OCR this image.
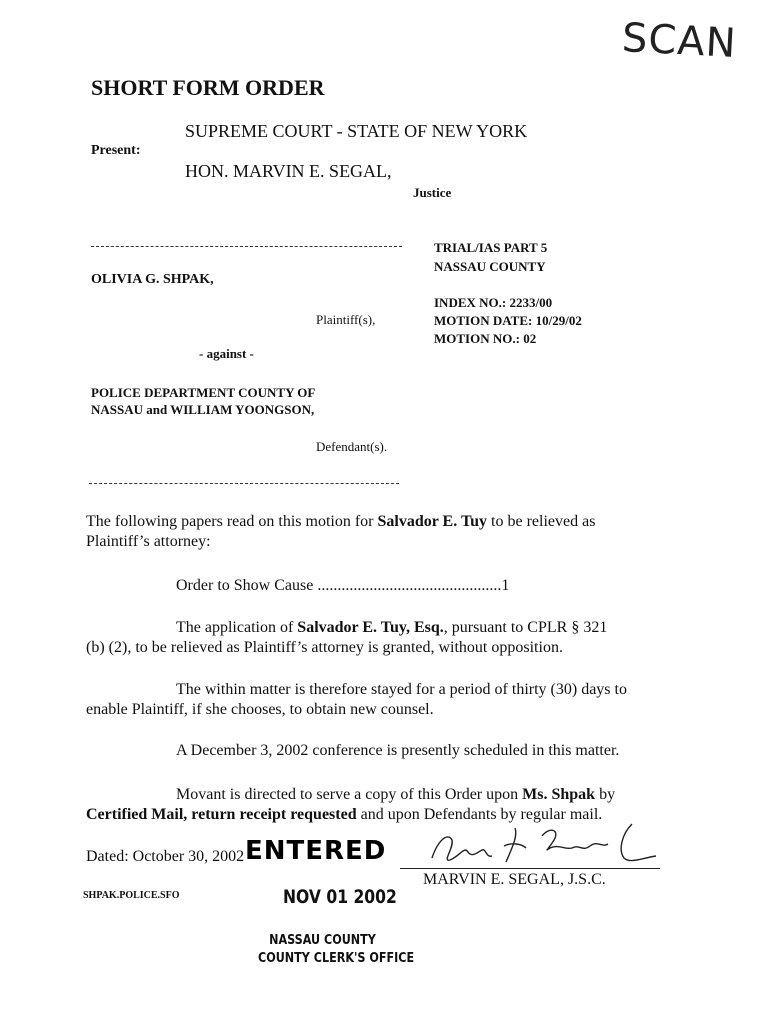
SCAN
SHORT FORM ORDER
SUPREME COURT - STATE OF NEW YORK
Present:
HON. MARVIN E. SEGAL,
Justice
TRIAL/IAS PART 5
NASSAU COUNTY
OLIVIA G. SHPAK,
INDEX NO.: 2233/00
MOTION DATE: 10/29/02
MOTION NO.: 02
Plaintiff(s),
- against -
POLICE DEPARTMENT COUNTY OF
NASSAU and WILLIAM YOONGSON,
Defendant(s).
The following papers read on this motion for Salvador E. Tuy to be relieved as
Plaintiff’s attorney:
Order to Show Cause ..............................................1
The application of Salvador E. Tuy, Esq., pursuant to CPLR § 321
(b) (2), to be relieved as Plaintiff’s attorney is granted, without opposition.
The within matter is therefore stayed for a period of thirty (30) days to
enable Plaintiff, if she chooses, to obtain new counsel.
A December 3, 2002 conference is presently scheduled in this matter.
Movant is directed to serve a copy of this Order upon Ms. Shpak by
Certified Mail, return receipt requested and upon Defendants by regular mail.
Dated: October 30, 2002 ENTERED
MARVIN E. SEGAL, J.S.C.
SHPAK.POLICE.SFO	NOV 01 2002
NASSAU COUNTY
COUNTY CLERK'S OFFICE
